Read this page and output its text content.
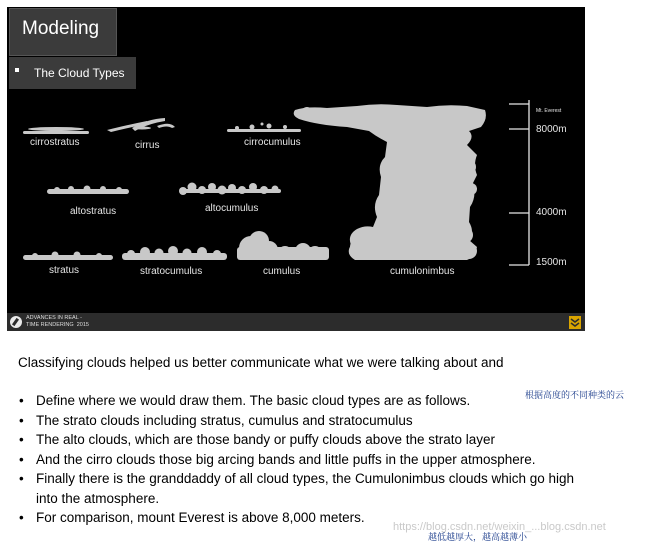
Modeling
The Cloud Types
cirrostratus	cirrus	cirrocumulus
altostratus	altocumulus
stratus	stratocumulus	cumulus	cumulonimbus
Mt. Everest
8000m
4000m
1500m
ADVANCES IN REAL -
TIME RENDERING  2015
Classifying clouds helped us better communicate what we were talking about and
• Define where we would draw them. The basic cloud types are as follows.
• The strato clouds including stratus, cumulus and stratocumulus
• The alto clouds, which are those bandy or puffy clouds above the strato layer
• And the cirro clouds those big arcing bands and little puffs in the upper atmosphere.
• Finally there is the granddaddy of all cloud types, the Cumulonimbus clouds which go high into the atmosphere.
• For comparison, mount Everest is above 8,000 meters.
根据高度的不同种类的云
https://blog.csdn.net/weixin_...blog.csdn.net
越低越厚大，越高越薄小
